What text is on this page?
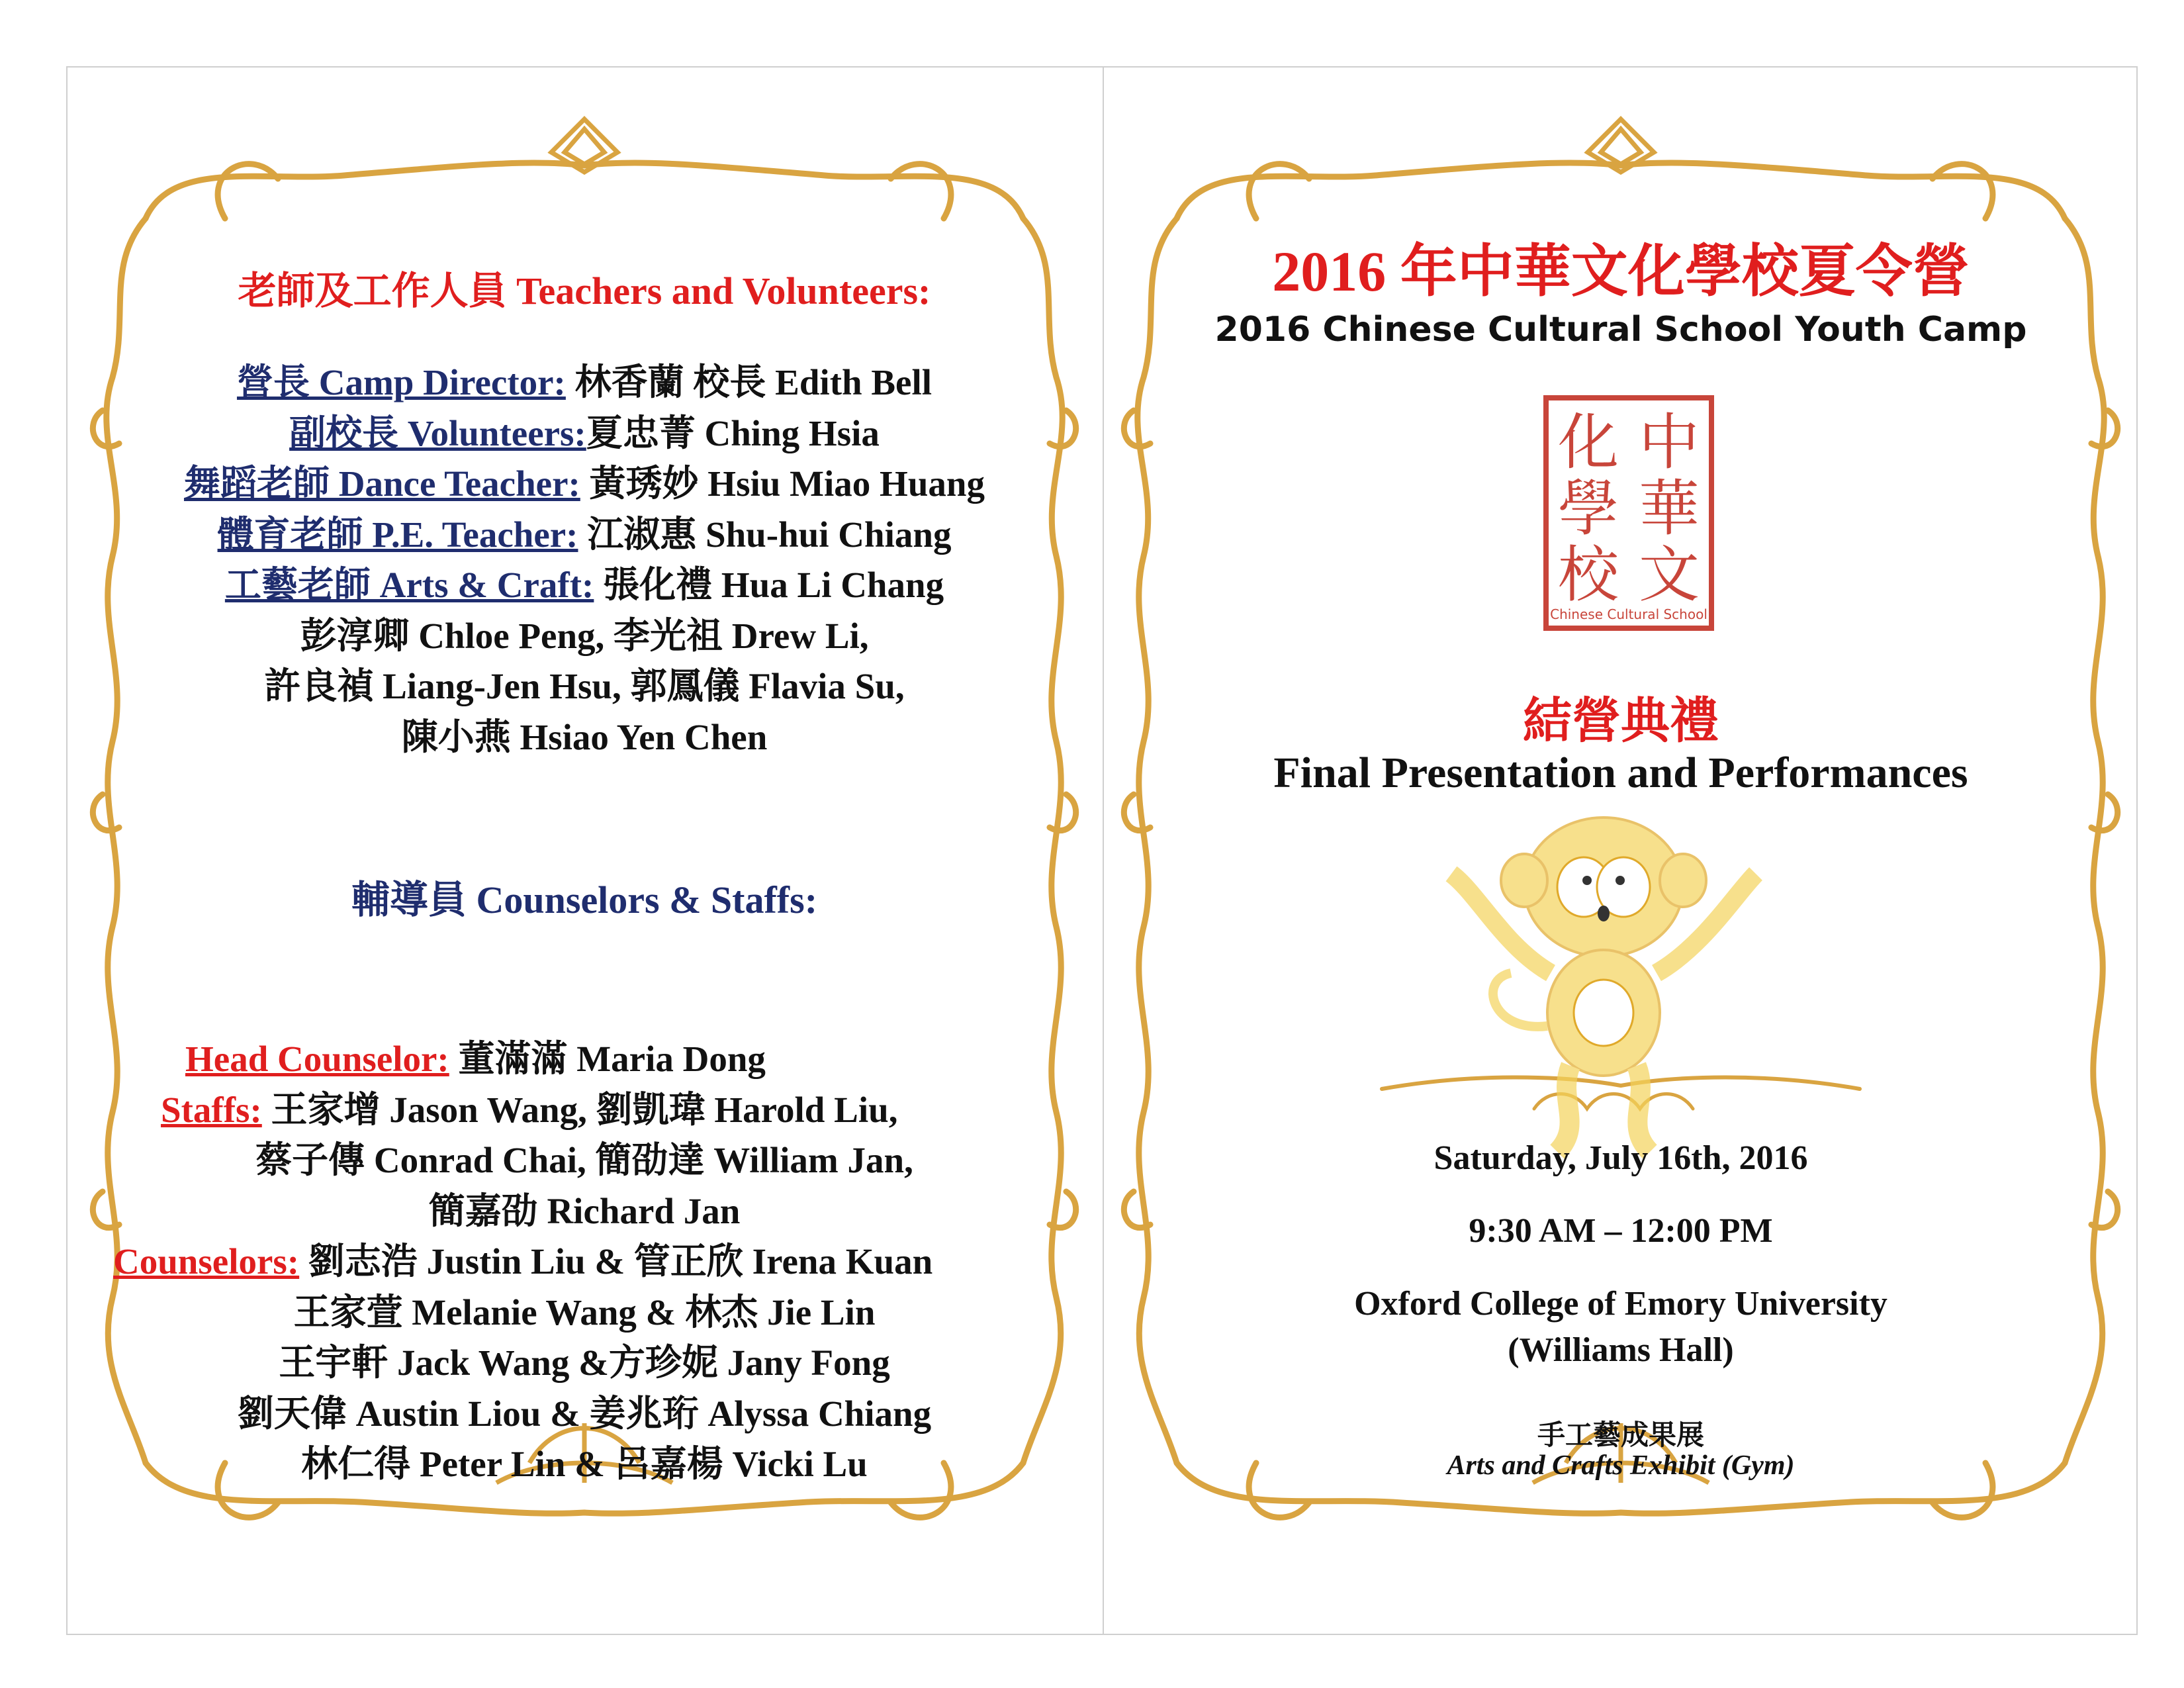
老師及工作人員 Teachers and Volunteers:
營長 Camp Director: 林香蘭 校長 Edith Bell
副校長 Volunteers:夏忠菁 Ching Hsia
舞蹈老師 Dance Teacher: 黃琇妙 Hsiu Miao Huang
體育老師 P.E. Teacher: 江淑惠 Shu-hui Chiang
工藝老師 Arts & Craft: 張化禮 Hua Li Chang
彭淳卿 Chloe Peng, 李光祖 Drew Li,
許良禎 Liang-Jen Hsu, 郭鳳儀 Flavia Su,
陳小燕 Hsiao Yen Chen
輔導員 Counselors & Staffs:
Head Counselor: 董滿滿 Maria Dong
Staffs: 王家增 Jason Wang, 劉凱瑋 Harold Liu,
蔡子傳 Conrad Chai, 簡劭達 William Jan,
簡嘉劭 Richard Jan
Counselors: 劉志浩 Justin Liu & 管正欣 Irena Kuan
王家萱 Melanie Wang & 林杰 Jie Lin
王宇軒 Jack Wang &方珍妮 Jany Fong
劉天偉 Austin Liou & 姜兆珩 Alyssa Chiang
林仁得 Peter Lin & 呂嘉楊 Vicki Lu
2016 年中華文化學校夏令營
2016 Chinese Cultural School Youth Camp
中
華
文
化
學
校
Chinese Cultural School
結營典禮
Final Presentation and Performances
Saturday, July 16th, 2016
9:30 AM – 12:00 PM
Oxford College of Emory University
(Williams Hall)
手工藝成果展
Arts and Crafts Exhibit (Gym)
